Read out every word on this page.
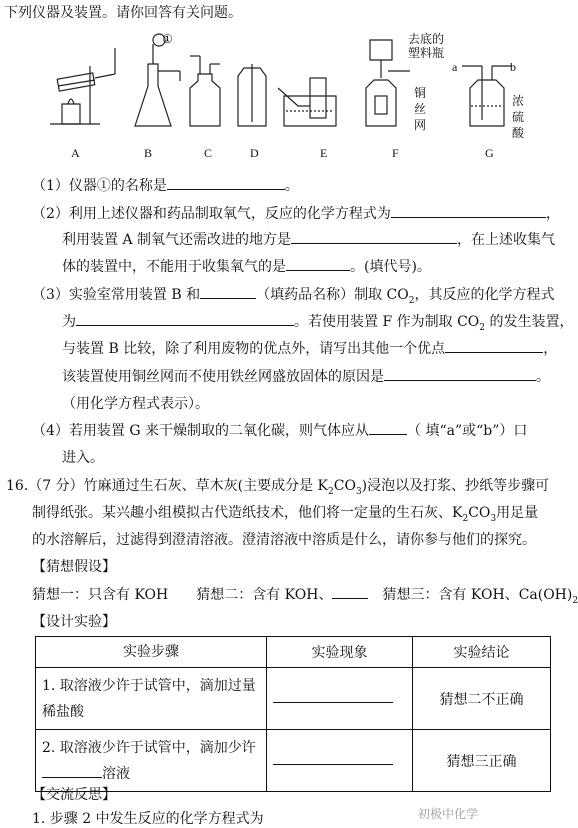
下列仪器及装置。请你回答有关问题。
A	B	C	D	E	F	G
①	去底的
塑料瓶
铜
丝
网
a	b
浓
硫
酸
（1）仪器①的名称是	。
（2）利用上述仪器和药品制取氧气，反应的化学方程式为	，
利用装置 A 制氧气还需改进的地方是	，在上述收集气
体的装置中，不能用于收集氧气的是	。(填代号)。
（3）实验室常用装置 B 和	（填药品名称）制取 $CO_2$，其反应的化学方程式
为	。若使用装置 F 作为制取 $CO_2$ 的发生装置，
与装置 B 比较，除了利用废物的优点外，请写出其他一个优点	，
该装置使用铜丝网而不使用铁丝网盛放固体的原因是	。
（用化学方程式表示）。
（4）若用装置 G 来干燥制取的二氧化碳，则气体应从	（ 填“a”或“b”）口
进入。
16.（7 分）竹麻通过生石灰、草木灰(主要成分是 $K_2CO_3$)浸泡以及打浆、抄纸等步骤可
制得纸张。某兴趣小组模拟古代造纸技术，他们将一定量的生石灰、$K_2CO_3$用足量
的水溶解后，过滤得到澄清溶液。澄清溶液中溶质是什么，请你参与他们的探究。
【猜想假设】
猜想一：只含有 KOH 猜想二：含有 KOH、	猜想三：含有 KOH、$Ca(OH)_2$
【设计实验】
实验步骤	实验现象	实验结论
1. 取溶液少许于试管中，滴加过量稀盐酸		猜想二不正确
2. 取溶液少许于试管中，滴加少许
溶液		猜想三正确
【交流反思】
1. 步骤 2 中发生反应的化学方程式为	初极中化学
